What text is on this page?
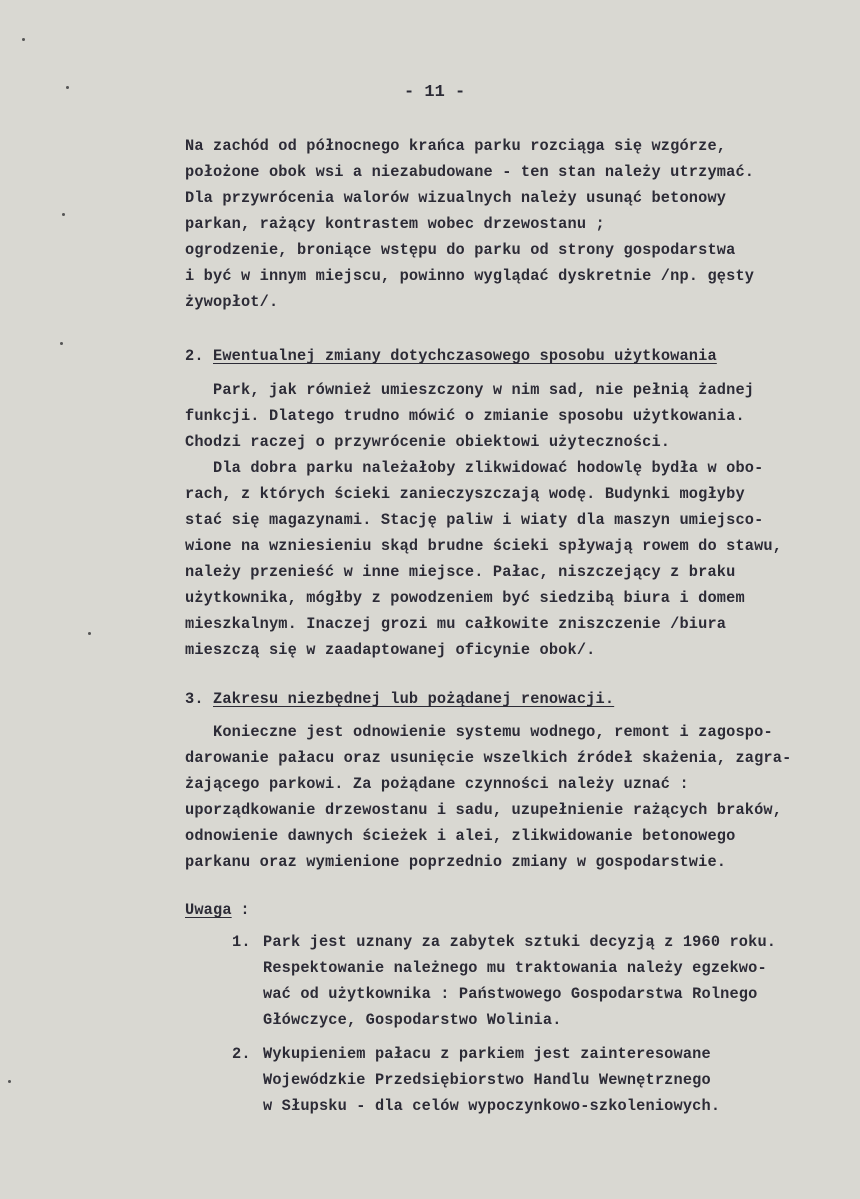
- 11 -
Na zachód od północnego krańca parku rozciąga się wzgórze,
położone obok wsi a niezabudowane - ten stan należy utrzymać.
Dla przywrócenia walorów wizualnych należy usunąć betonowy
parkan, rażący kontrastem wobec drzewostanu ;
ogrodzenie, broniące wstępu do parku od strony gospodarstwa
i być w innym miejscu, powinno wyglądać dyskretnie /np. gęsty
żywopłot/.
2. Ewentualnej zmiany dotychczasowego sposobu użytkowania
Park, jak również umieszczony w nim sad, nie pełnią żadnej
funkcji. Dlatego trudno mówić o zmianie sposobu użytkowania.
Chodzi raczej o przywrócenie obiektowi użyteczności.
Dla dobra parku należałoby zlikwidować hodowlę bydła w obo-
rach, z których ścieki zanieczyszczają wodę. Budynki mogłyby
stać się magazynami. Stację paliw i wiaty dla maszyn umiejsco-
wione na wzniesieniu skąd brudne ścieki spływają rowem do stawu,
należy przenieść w inne miejsce. Pałac, niszczejący z braku
użytkownika, mógłby z powodzeniem być siedzibą biura i domem
mieszkalnym. Inaczej grozi mu całkowite zniszczenie /biura
mieszczą się w zaadaptowanej oficynie obok/.
3. Zakresu niezbędnej lub pożądanej renowacji.
Konieczne jest odnowienie systemu wodnego, remont i zagospo-
darowanie pałacu oraz usunięcie wszelkich źródeł skażenia, zagra-
żającego parkowi. Za pożądane czynności należy uznać :
uporządkowanie drzewostanu i sadu, uzupełnienie rażących braków,
odnowienie dawnych ścieżek i alei, zlikwidowanie betonowego
parkanu oraz wymienione poprzednio zmiany w gospodarstwie.
Uwaga :
1. Park jest uznany za zabytek sztuki decyzją z 1960 roku.
Respektowanie należnego mu traktowania należy egzekwo-
wać od użytkownika : Państwowego Gospodarstwa Rolnego
Główczyce, Gospodarstwo Wolinia.
2. Wykupieniem pałacu z parkiem jest zainteresowane
Wojewódzkie Przedsiębiorstwo Handlu Wewnętrznego
w Słupsku - dla celów wypoczynkowo-szkoleniowych.
